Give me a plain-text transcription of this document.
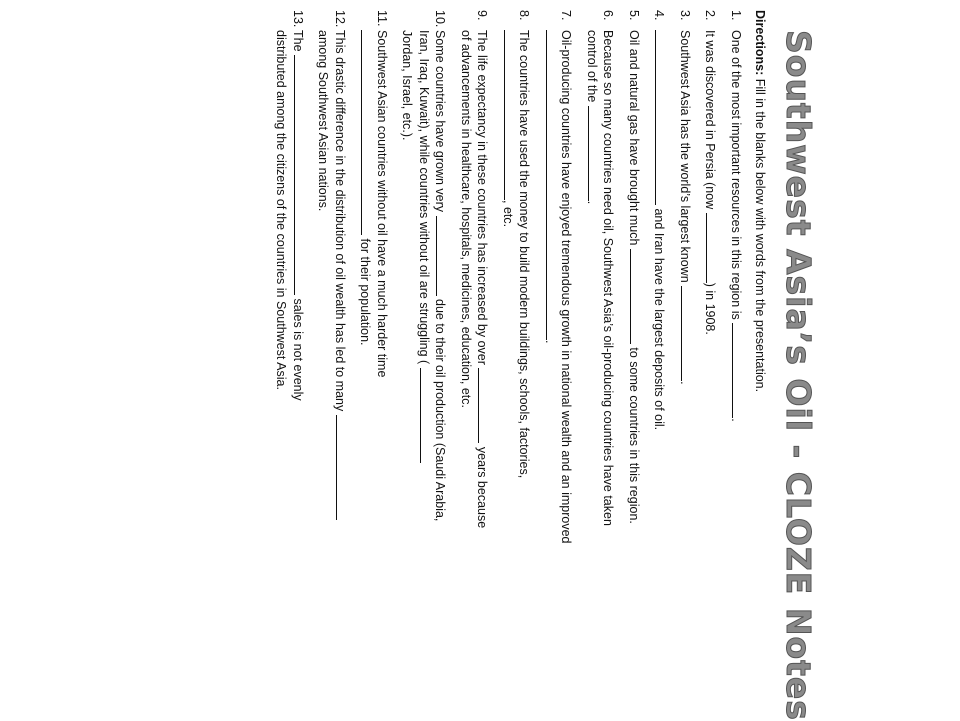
Southwest Asia’s Oil - CLOZE Notes
Directions: Fill in the blanks below with words from the presentation.
1.
One of the most important resources in this region is .
2.
It was discovered in Persia (now ) in 1908.
3.
Southwest Asia has the world’s largest known .
4.
and Iran have the largest deposits of oil.
5.
Oil and natural gas have brought much  to some countries in this region.
6.
Because so many countries need oil, Southwest Asia’s oil-producing countries have taken
control of the .
7.
Oil-producing countries have enjoyed tremendous growth in national wealth and an improved
.
8.
The countries have used the money to build modern buildings, schools, factories,
, etc.
9.
The life expectancy in these countries has increased by over  years because
of advancements in healthcare, hospitals, medicines, education, etc.
10.
Some countries have grown very  due to their oil production (Saudi Arabia,
Iran, Iraq, Kuwait), while countries without oil are struggling (
Jordan, Israel, etc.).
11.
Southwest Asian countries without oil have a much harder time
for their population.
12.
This drastic difference in the distribution of oil wealth has led to many
among Southwest Asian nations.
13.
The  sales is not evenly
distributed among the citizens of the countries in Southwest Asia.
